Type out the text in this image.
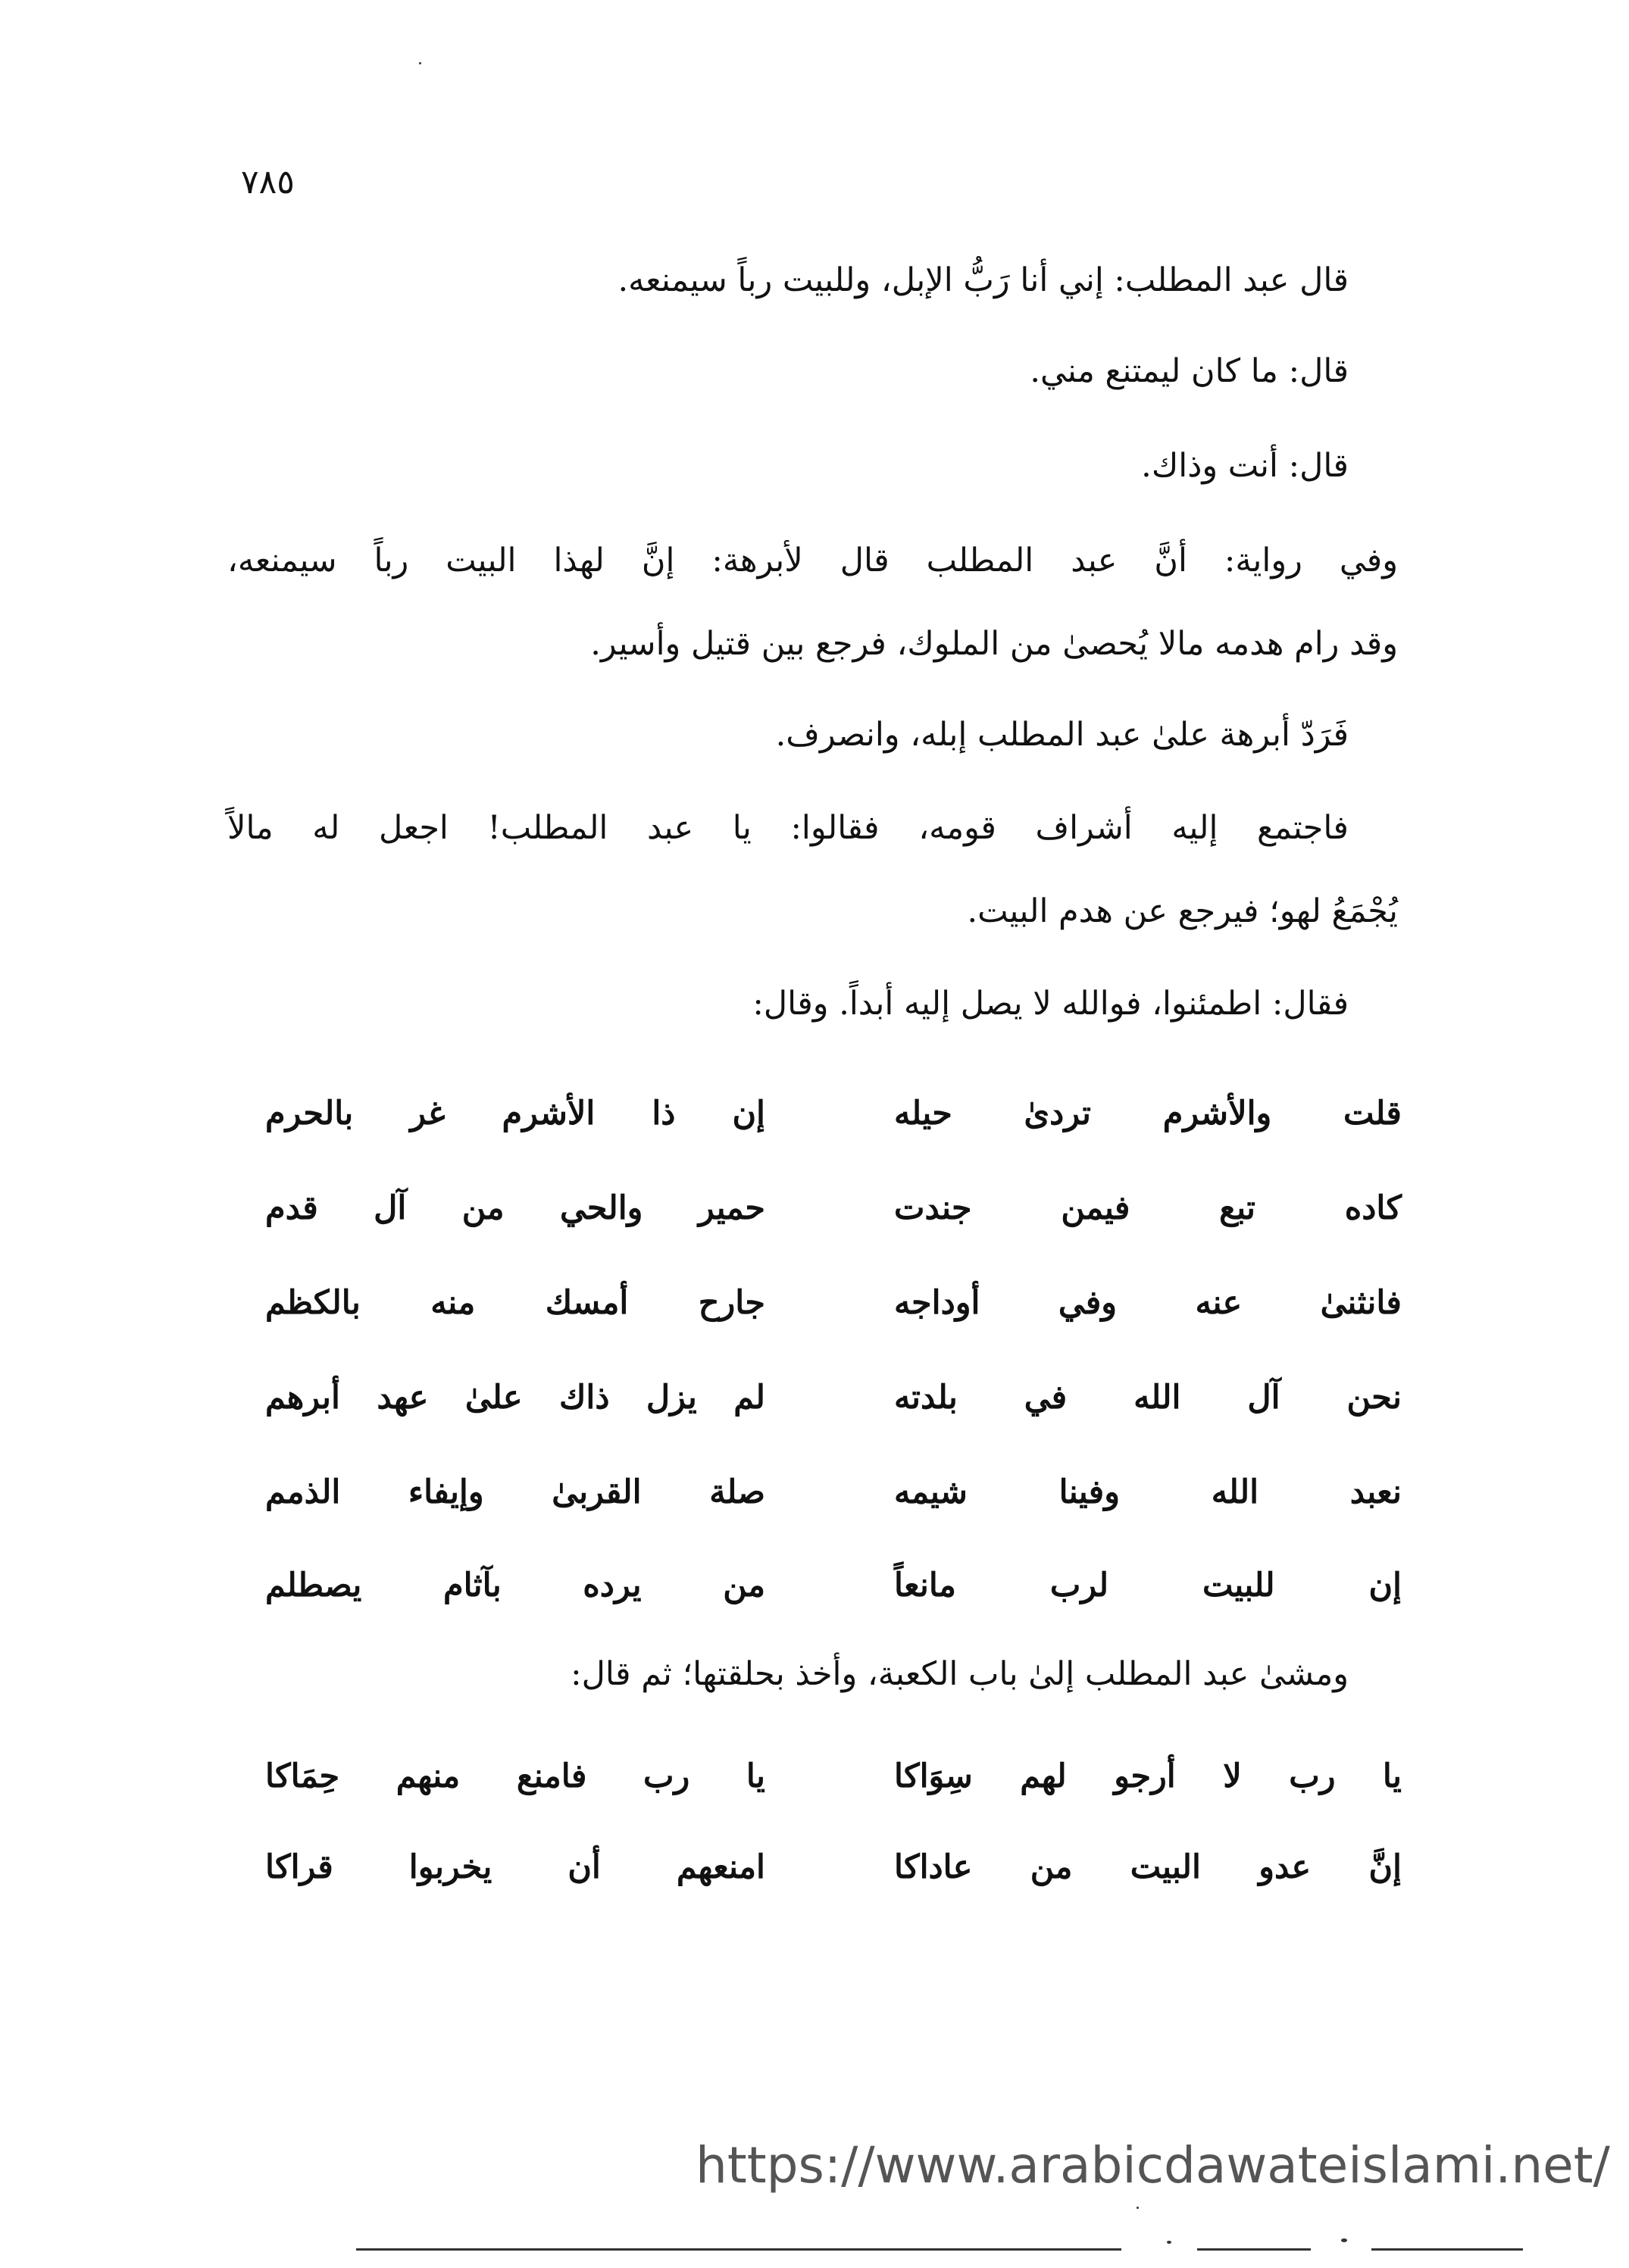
٧٨٥
قال عبد المطلب: إني أنا رَبُّ الإبل، وللبيت رباً سيمنعه.
قال: ما كان ليمتنع مني.
قال: أنت وذاك.
وفي رواية: أنَّ عبد المطلب قال لأبرهة: إنَّ لهذا البيت رباً سيمنعه،
وقد رام هدمه مالا يُحصىٰ من الملوك، فرجع بين قتيل وأسير.
فَرَدّ أبرهة علىٰ عبد المطلب إبله، وانصرف.
فاجتمع إليه أشراف قومه، فقالوا: يا عبد المطلب! اجعل له مالاً
يُجْمَعُ لهو؛ فيرجع عن هدم البيت.
فقال: اطمئنوا، فوالله لا يصل إليه أبداً. وقال:
قلت والأشرم تردىٰ حيله
إن ذا الأشرم غر بالحرم
كاده تبع فيمن جندت
حمير والحي من آل قدم
فانثنىٰ عنه وفي أوداجه
جارح أمسك منه بالكظم
نحن آل الله في بلدته
لم يزل ذاك علىٰ عهد أبرهم
نعبد الله وفينا شيمه
صلة القربىٰ وإيفاء الذمم
إن للبيت لرب مانعاً
من يرده بآثام يصطلم
ومشىٰ عبد المطلب إلىٰ باب الكعبة، وأخذ بحلقتها؛ ثم قال:
يا رب لا أرجو لهم سِوَاكا
يا رب فامنع منهم حِمَاكا
إنَّ عدو البيت من عاداكا
امنعهم أن يخربوا قراكا
https://www.arabicdawateislami.net/
